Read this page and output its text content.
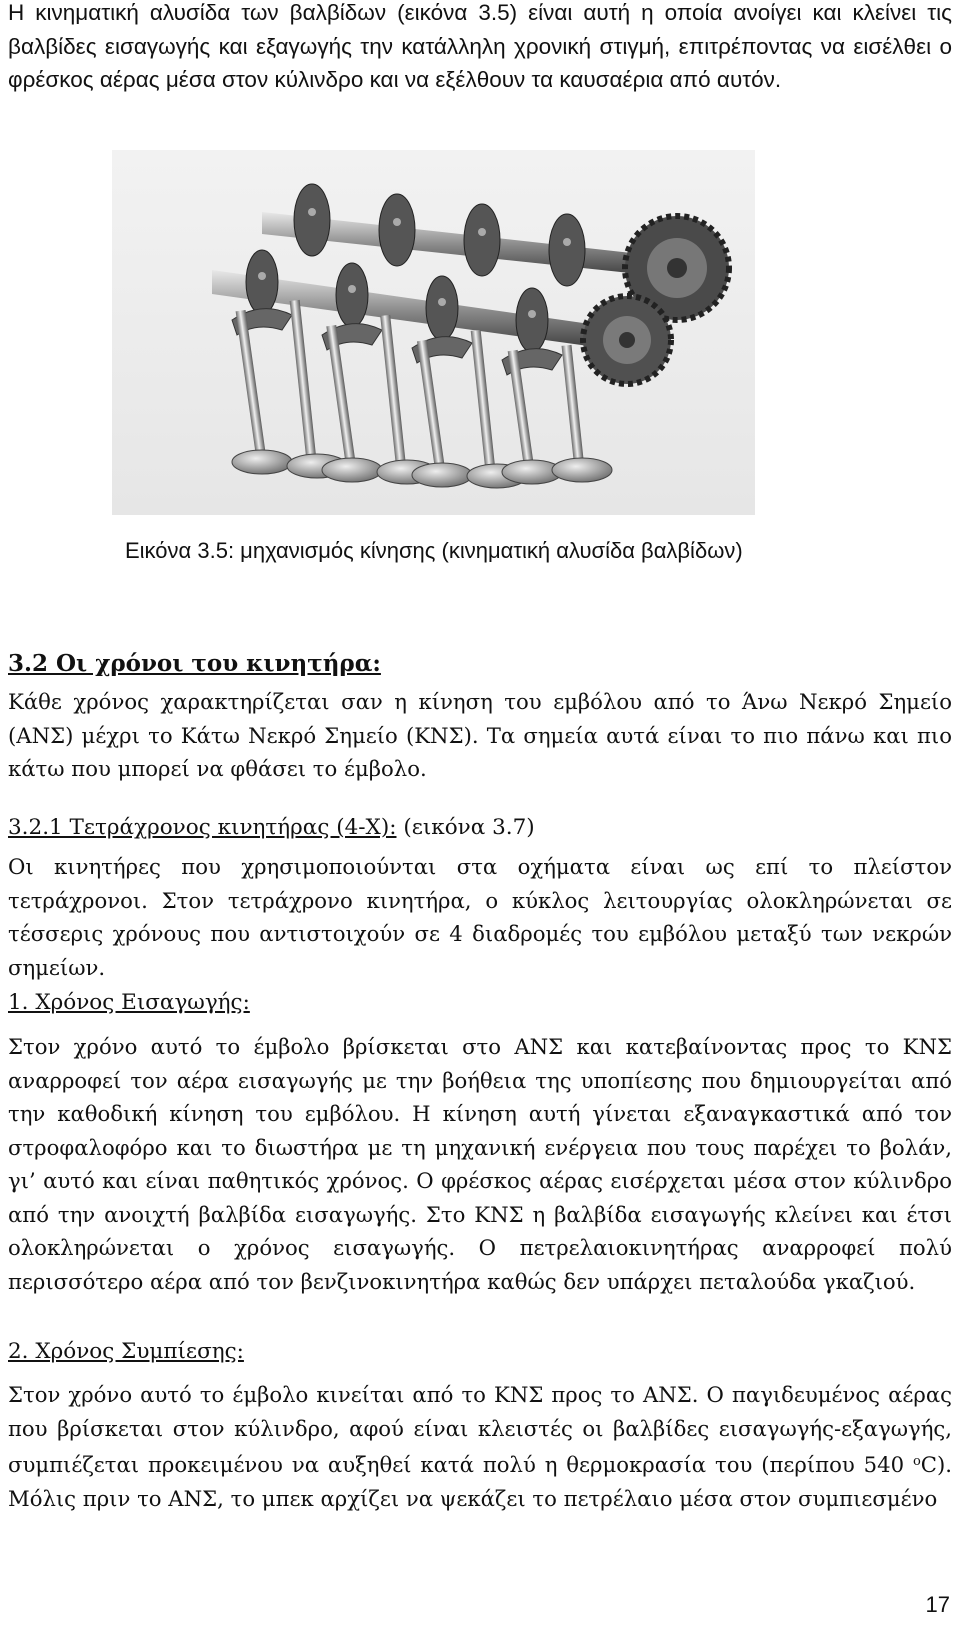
Η κινηματική αλυσίδα των βαλβίδων (εικόνα 3.5) είναι αυτή η οποία ανοίγει και κλείνει τις βαλβίδες εισαγωγής και εξαγωγής την κατάλληλη χρονική στιγμή, επιτρέποντας να εισέλθει ο φρέσκος αέρας μέσα στον κύλινδρο και να εξέλθουν τα καυσαέρια από αυτόν.

Εικόνα 3.5: μηχανισμός κίνησης (κινηματική αλυσίδα βαλβίδων)
3.2 Οι χρόνοι του κινητήρα:

Κάθε χρόνος χαρακτηρίζεται σαν η κίνηση του εμβόλου από το Άνω Νεκρό Σημείο (ΑΝΣ) μέχρι το Κάτω Νεκρό Σημείο (ΚΝΣ). Τα σημεία αυτά είναι το πιο πάνω και πιο κάτω που μπορεί να φθάσει το έμβολο.

3.2.1 Τετράχρονος κινητήρας (4-Χ): (εικόνα 3.7)

Οι κινητήρες που χρησιμοποιούνται στα οχήματα είναι ως επί το πλείστον τετράχρονοι. Στον τετράχρονο κινητήρα, ο κύκλος λειτουργίας ολοκληρώνεται σε τέσσερις χρόνους που αντιστοιχούν σε 4 διαδρομές του εμβόλου μεταξύ των νεκρών σημείων.

1. Χρόνος Εισαγωγής:

Στον χρόνο αυτό το έμβολο βρίσκεται στο ΑΝΣ και κατεβαίνοντας προς το ΚΝΣ αναρροφεί τον αέρα εισαγωγής με την βοήθεια της υποπίεσης που δημιουργείται από την καθοδική κίνηση του εμβόλου. Η κίνηση αυτή γίνεται εξαναγκαστικά από τον στροφαλοφόρο και το διωστήρα με τη μηχανική ενέργεια που τους παρέχει το βολάν, γι’ αυτό και είναι παθητικός χρόνος. Ο φρέσκος αέρας εισέρχεται μέσα στον κύλινδρο από την ανοιχτή βαλβίδα εισαγωγής. Στο ΚΝΣ η βαλβίδα εισαγωγής κλείνει και έτσι ολοκληρώνεται ο χρόνος εισαγωγής. Ο πετρελαιοκινητήρας αναρροφεί πολύ περισσότερο αέρα από τον βενζινοκινητήρα καθώς δεν υπάρχει πεταλούδα γκαζιού.

2. Χρόνος Συμπίεσης:

Στον χρόνο αυτό το έμβολο κινείται από το ΚΝΣ προς το ΑΝΣ. Ο παγιδευμένος αέρας που βρίσκεται στον κύλινδρο, αφού είναι κλειστές οι βαλβίδες εισαγωγής-εξαγωγής, συμπιέζεται προκειμένου να αυξηθεί κατά πολύ η θερμοκρασία του (περίπου 540 $^o$C). Μόλις πριν το ΑΝΣ, το μπεκ αρχίζει να ψεκάζει το πετρέλαιο μέσα στον συμπιεσμένο

17
